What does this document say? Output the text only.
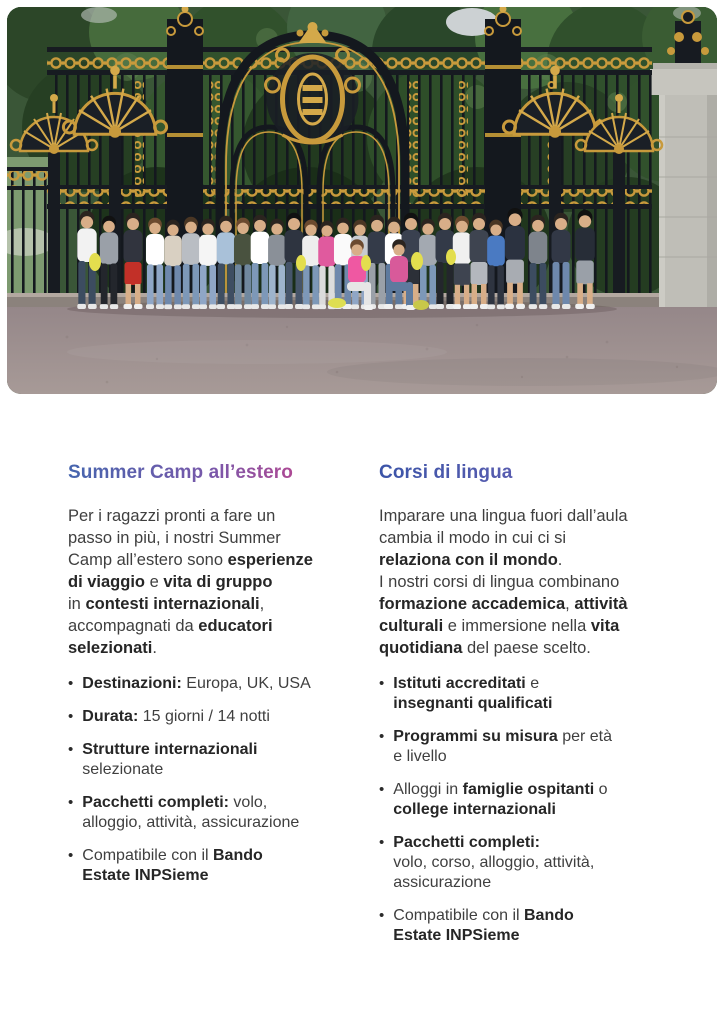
Summer Camp all’estero
Per i ragazzi pronti a fare un
passo in più, i nostri Summer
Camp all’estero sono esperienze
di viaggio e vita di gruppo
in contesti internazionali,
accompagnati da educatori
selezionati.
• Destinazioni: Europa, UK, USA
• Durata: 15 giorni / 14 notti
• Strutture internazionali
selezionate
• Pacchetti completi: volo,
alloggio, attività, assicurazione
• Compatibile con il Bando
Estate INPSieme
Corsi di lingua
Imparare una lingua fuori dall’aula
cambia il modo in cui ci si
relaziona con il mondo.
I nostri corsi di lingua combinano
formazione accademica, attività
culturali e immersione nella vita
quotidiana del paese scelto.
• Istituti accreditati e
insegnanti qualificati
• Programmi su misura per età
e livello
• Alloggi in famiglie ospitanti o
college internazionali
• Pacchetti completi:
volo, corso, alloggio, attività,
assicurazione
• Compatibile con il Bando
Estate INPSieme
